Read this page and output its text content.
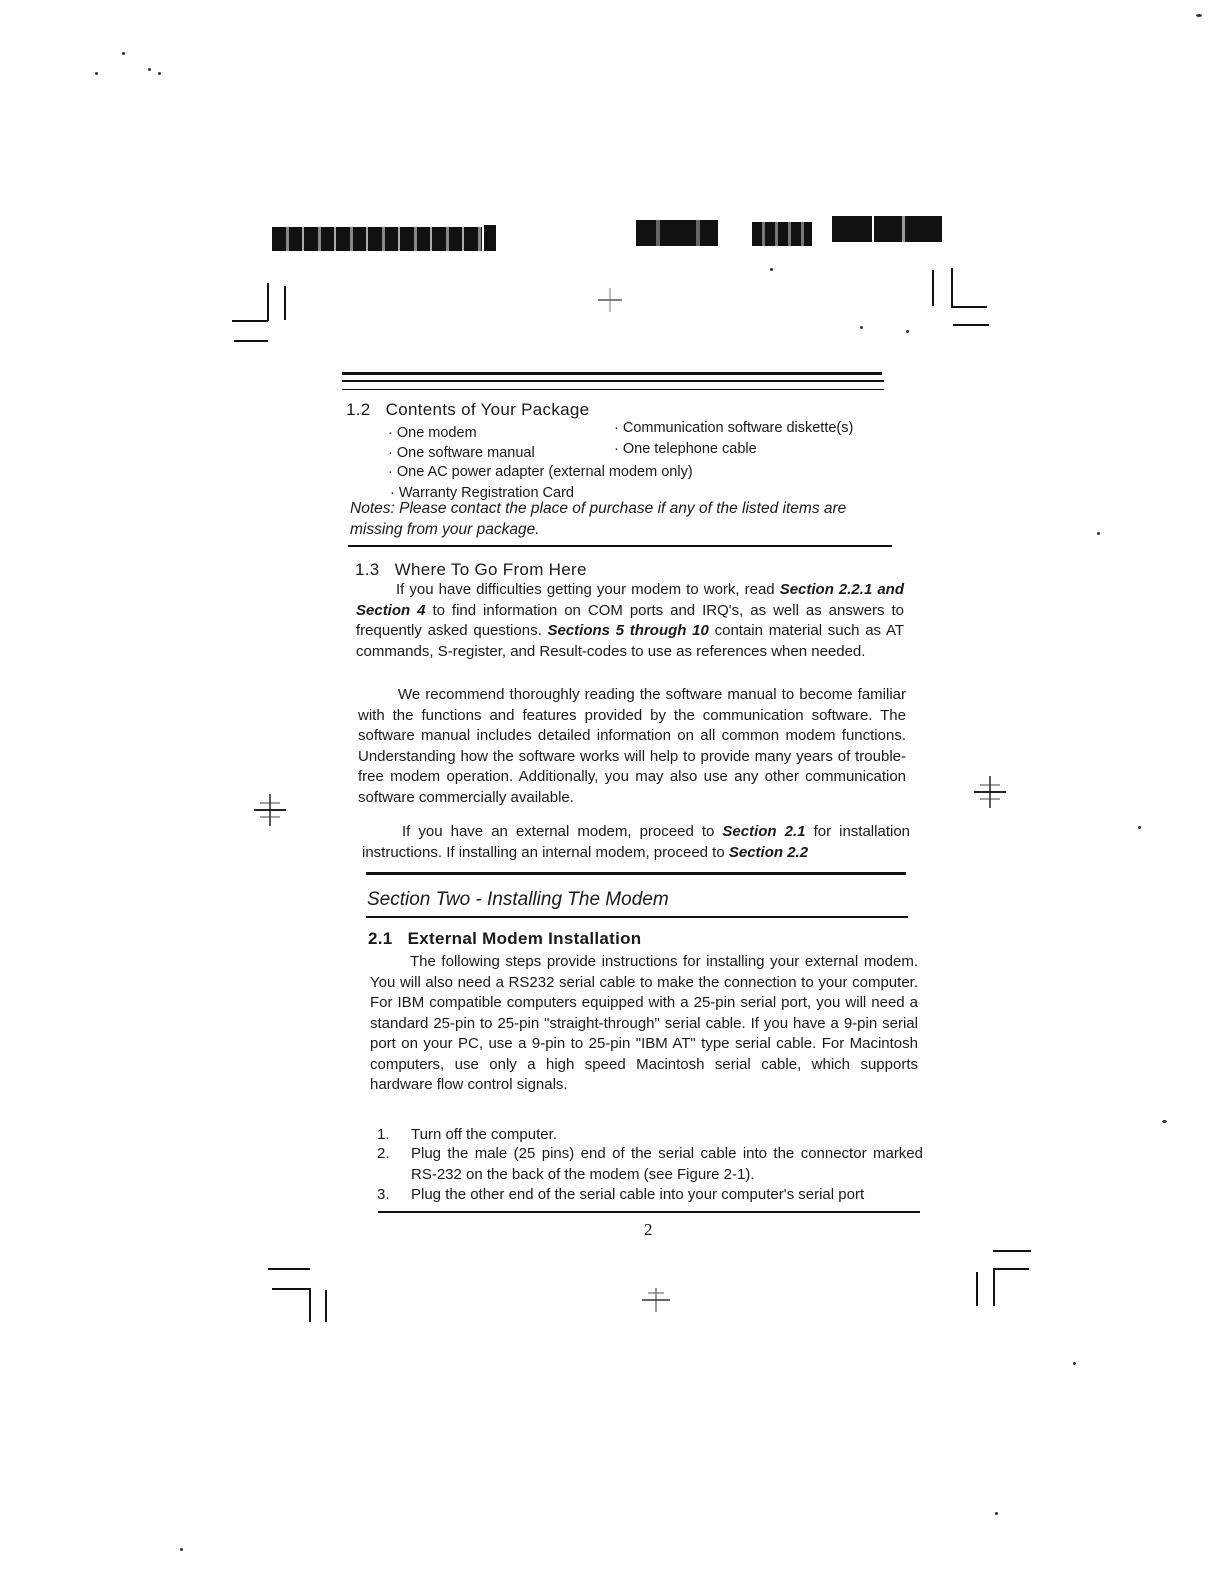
1.2 Contents of Your Package
· One modem	· Communication software diskette(s)
· One software manual	· One telephone cable
· One AC power adapter (external modem only)
· Warranty Registration Card
Notes: Please contact the place of purchase if any of the listed items are missing from your package.
1.3 Where To Go From Here
If you have difficulties getting your modem to work, read Section 2.2.1 and Section 4 to find information on COM ports and IRQ's, as well as answers to frequently asked questions. Sections 5 through 10 contain material such as AT commands, S-register, and Result-codes to use as references when needed.
We recommend thoroughly reading the software manual to become familiar with the functions and features provided by the communication software. The software manual includes detailed information on all common modem functions. Understanding how the software works will help to provide many years of trouble-free modem operation. Additionally, you may also use any other communication software commercially available.
If you have an external modem, proceed to Section 2.1 for installation instructions. If installing an internal modem, proceed to Section 2.2
Section Two - Installing The Modem
2.1 External Modem Installation
The following steps provide instructions for installing your external modem. You will also need a RS232 serial cable to make the connection to your computer. For IBM compatible computers equipped with a 25-pin serial port, you will need a standard 25-pin to 25-pin "straight-through" serial cable. If you have a 9-pin serial port on your PC, use a 9-pin to 25-pin "IBM AT" type serial cable. For Macintosh computers, use only a high speed Macintosh serial cable, which supports hardware flow control signals.
1. Turn off the computer.
2. Plug the male (25 pins) end of the serial cable into the connector marked RS-232 on the back of the modem (see Figure 2-1).
3. Plug the other end of the serial cable into your computer's serial port
2
